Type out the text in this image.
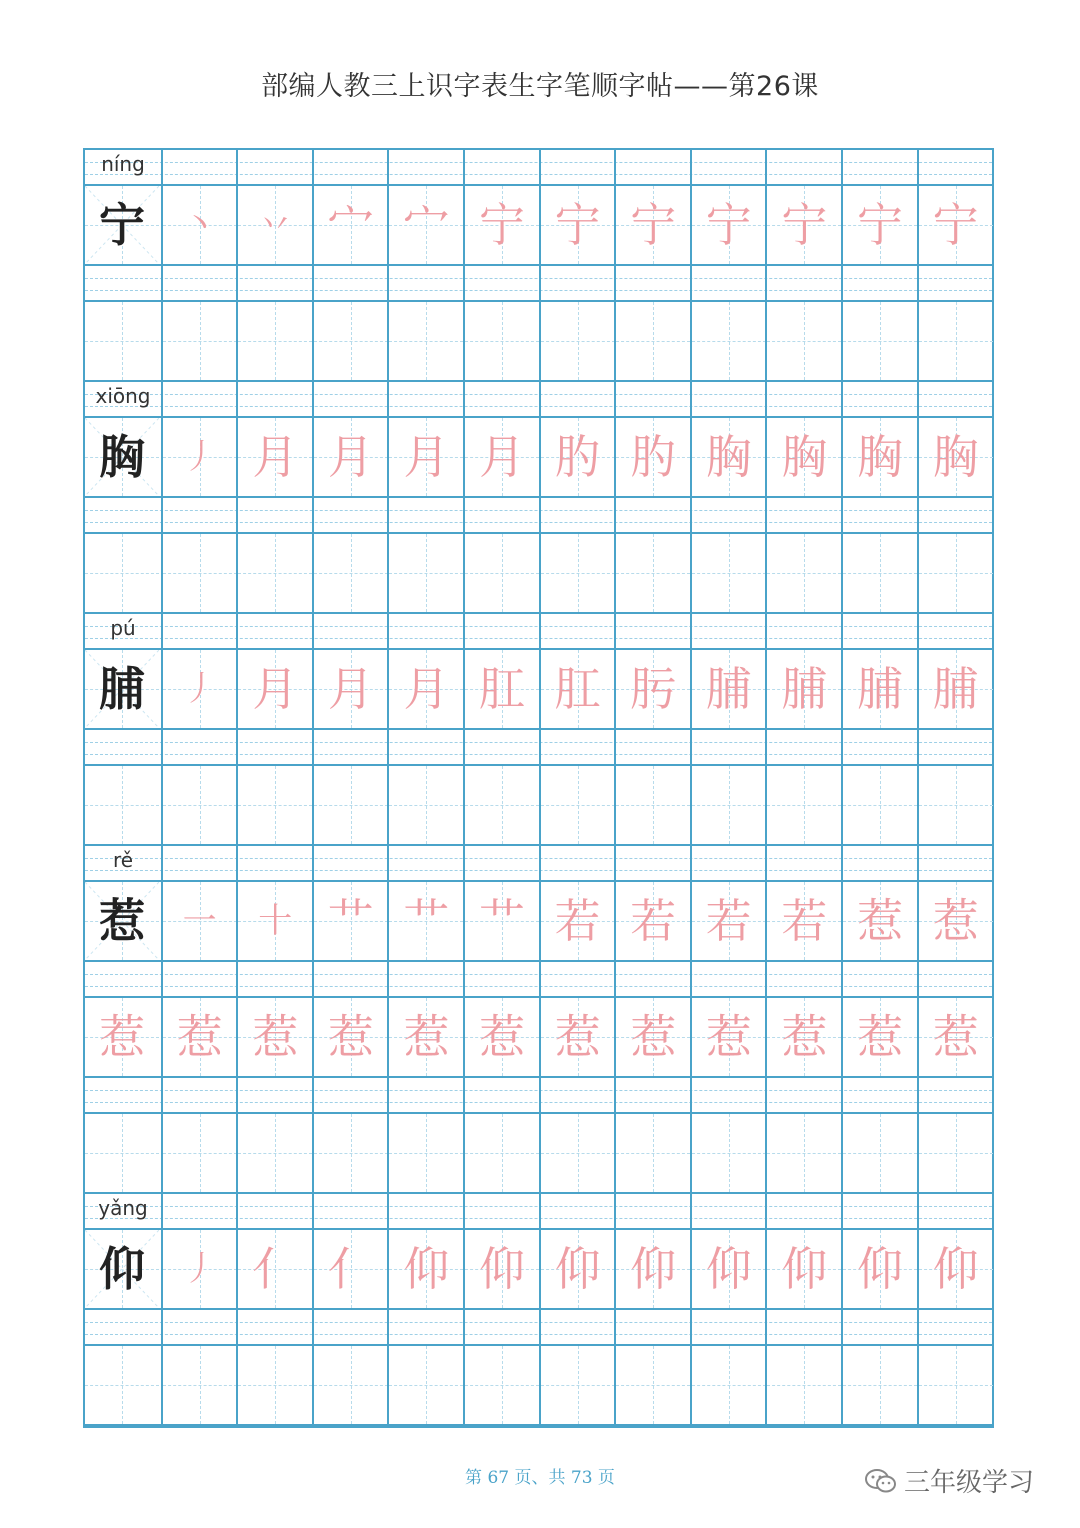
部编人教三上识字表生字笔顺字帖——第26课
níng
宁	丶	丷 宀 宀 宁 宁 宁 宁 宁 宁 宁
xiōng
胸	丿 月 月 月 月 肑 肑 胸 胸 胸 胸
pú
脯	丿 月 月 月 肛 肛 肟 脯 脯 脯 脯
rě
惹	一	十 艹 艹 艹 若 若 若 若 惹 惹
惹 惹 惹 惹 惹 惹 惹 惹 惹 惹 惹 惹
yǎng
仰	丿 亻 亻 仰 仰 仰 仰 仰 仰 仰 仰
第 67 页、共 73 页	三年级学习
